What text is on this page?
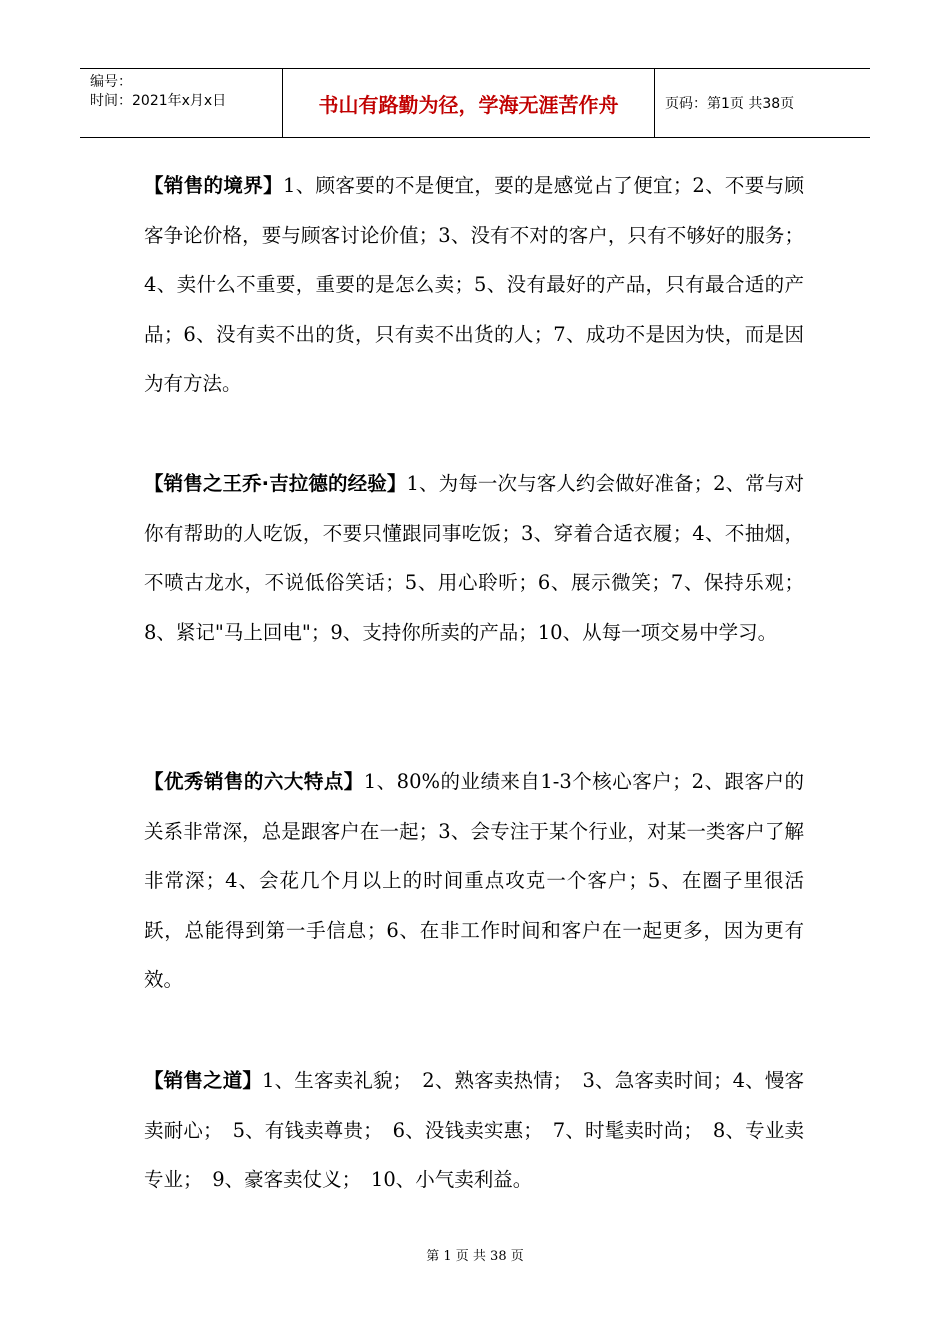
编号：
时间：2021年x月x日	书山有路勤为径，学海无涯苦作舟	页码：第1页 共38页
【销售的境界】1、顾客要的不是便宜，要的是感觉占了便宜；2、不要与顾客争论价格，要与顾客讨论价值；3、没有不对的客户，只有不够好的服务；4、卖什么不重要，重要的是怎么卖；5、没有最好的产品，只有最合适的产品；6、没有卖不出的货，只有卖不出货的人；7、成功不是因为快，而是因为有方法。
【销售之王乔·吉拉德的经验】1、为每一次与客人约会做好准备；2、常与对你有帮助的人吃饭，不要只懂跟同事吃饭；3、穿着合适衣履；4、不抽烟，不喷古龙水，不说低俗笑话；5、用心聆听；6、展示微笑；7、保持乐观；8、紧记"马上回电"；9、支持你所卖的产品；10、从每一项交易中学习。
【优秀销售的六大特点】1、80%的业绩来自1-3个核心客户；2、跟客户的关系非常深，总是跟客户在一起；3、会专注于某个行业，对某一类客户了解非常深；4、会花几个月以上的时间重点攻克一个客户；5、在圈子里很活跃，总能得到第一手信息；6、在非工作时间和客户在一起更多，因为更有效。
【销售之道】1、生客卖礼貌；　2、熟客卖热情；　3、急客卖时间；4、慢客卖耐心；　5、有钱卖尊贵；　6、没钱卖实惠；　7、时髦卖时尚；　8、专业卖专业；　9、豪客卖仗义；　10、小气卖利益。
第 1 页 共 38 页
